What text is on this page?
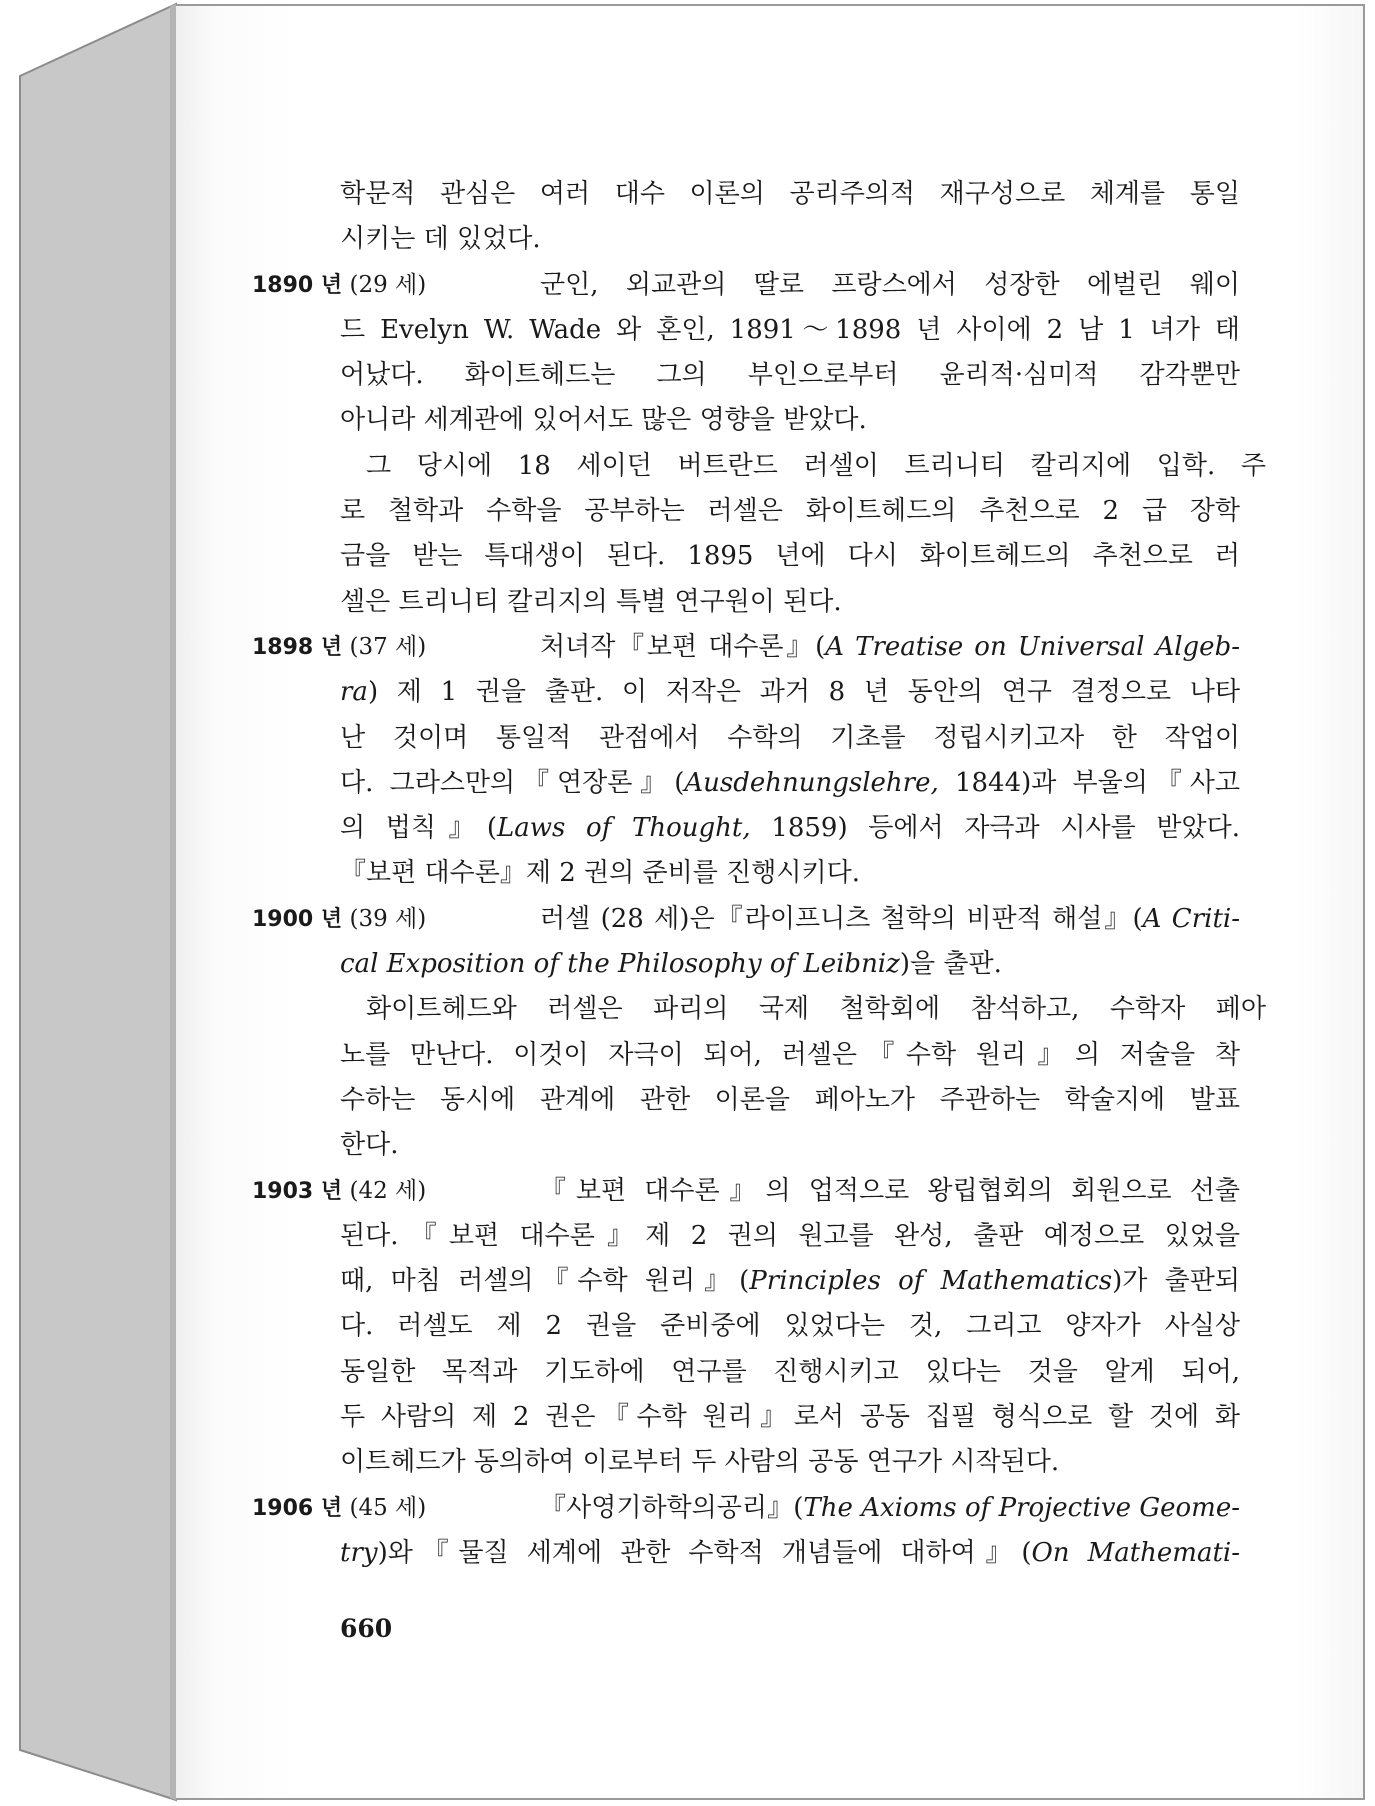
학문적 관심은 여러 대수 이론의 공리주의적 재구성으로 체계를 통일
시키는 데 있었다.
1890 년 (29 세)	군인, 외교관의 딸로 프랑스에서 성장한 에벌린 웨이
드 Evelyn W. Wade 와 혼인, 1891～1898 년 사이에 2 남 1 녀가 태
어났다. 화이트헤드는 그의 부인으로부터 윤리적·심미적 감각뿐만
아니라 세계관에 있어서도 많은 영향을 받았다.
그 당시에 18 세이던 버트란드 러셀이 트리니티 칼리지에 입학. 주
로 철학과 수학을 공부하는 러셀은 화이트헤드의 추천으로 2 급 장학
금을 받는 특대생이 된다. 1895 년에 다시 화이트헤드의 추천으로 러
셀은 트리니티 칼리지의 특별 연구원이 된다.
1898 년 (37 세)	처녀작『보편 대수론』(A Treatise on Universal Algeb-
ra) 제 1 권을 출판. 이 저작은 과거 8 년 동안의 연구 결정으로 나타
난 것이며 통일적 관점에서 수학의 기초를 정립시키고자 한 작업이
다. 그라스만의『연장론』(Ausdehnungslehre, 1844)과 부울의『사고
의 법칙』(Laws of Thought, 1859) 등에서 자극과 시사를 받았다.
『보편 대수론』제 2 권의 준비를 진행시키다.
1900 년 (39 세)	러셀 (28 세)은『라이프니츠 철학의 비판적 해설』(A Criti-
cal Exposition of the Philosophy of Leibniz)을 출판.
화이트헤드와 러셀은 파리의 국제 철학회에 참석하고, 수학자 페아
노를 만난다. 이것이 자극이 되어, 러셀은『수학 원리』의 저술을 착
수하는 동시에 관계에 관한 이론을 페아노가 주관하는 학술지에 발표
한다.
1903 년 (42 세)	『보편 대수론』의 업적으로 왕립협회의 회원으로 선출
된다.『보편 대수론』제 2 권의 원고를 완성, 출판 예정으로 있었을
때, 마침 러셀의『수학 원리』(Principles of Mathematics)가 출판되
다. 러셀도 제 2 권을 준비중에 있었다는 것, 그리고 양자가 사실상
동일한 목적과 기도하에 연구를 진행시키고 있다는 것을 알게 되어,
두 사람의 제 2 권은『수학 원리』로서 공동 집필 형식으로 할 것에 화
이트헤드가 동의하여 이로부터 두 사람의 공동 연구가 시작된다.
1906 년 (45 세)	『사영기하학의공리』(The Axioms of Projective Geome-
try)와『물질 세계에 관한 수학적 개념들에 대하여』(On Mathemati-
660
